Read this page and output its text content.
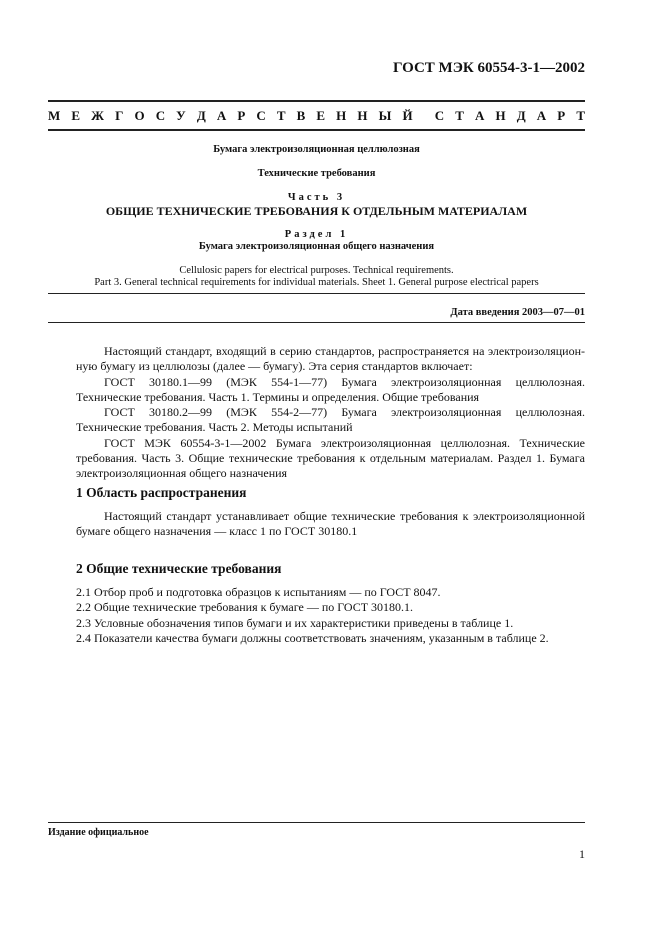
ГОСТ МЭК 60554-3-1—2002
М Е Ж Г О С У Д А Р С Т В Е Н Н Ы Й С Т А Н Д А Р Т
Бумага электроизоляционная целлюлозная
Технические требования
Часть 3
ОБЩИЕ ТЕХНИЧЕСКИЕ ТРЕБОВАНИЯ К ОТДЕЛЬНЫМ МАТЕРИАЛАМ
Раздел 1
Бумага электроизоляционная общего назначения
Cellulosic papers for electrical purposes. Technical requirements.
Part 3. General technical requirements for individual materials. Sheet 1. General purpose electrical papers
Дата введения 2003—07—01

Настоящий стандарт, входящий в серию стандартов, распространяется на электроизоляционную бумагу из целлюлозы (далее — бумагу). Эта серия стандартов включает:

ГОСТ 30180.1—99 (МЭК 554-1—77) Бумага электроизоляционная целлюлозная. Технические требования. Часть 1. Термины и определения. Общие требования

ГОСТ 30180.2—99 (МЭК 554-2—77) Бумага электроизоляционная целлюлозная. Технические требования. Часть 2. Методы испытаний

ГОСТ МЭК 60554-3-1—2002 Бумага электроизоляционная целлюлозная. Технические требования. Часть 3. Общие технические требования к отдельным материалам. Раздел 1. Бумага электроизоляционная общего назначения

1 Область распространения

Настоящий стандарт устанавливает общие технические требования к электроизоляционной бумаге общего назначения — класс 1 по ГОСТ 30180.1

2 Общие технические требования

2.1 Отбор проб и подготовка образцов к испытаниям — по ГОСТ 8047.

2.2 Общие технические требования к бумаге — по ГОСТ 30180.1.

2.3 Условные обозначения типов бумаги и их характеристики приведены в таблице 1.

2.4 Показатели качества бумаги должны соответствовать значениям, указанным в таблице 2.

Издание официальное
1
